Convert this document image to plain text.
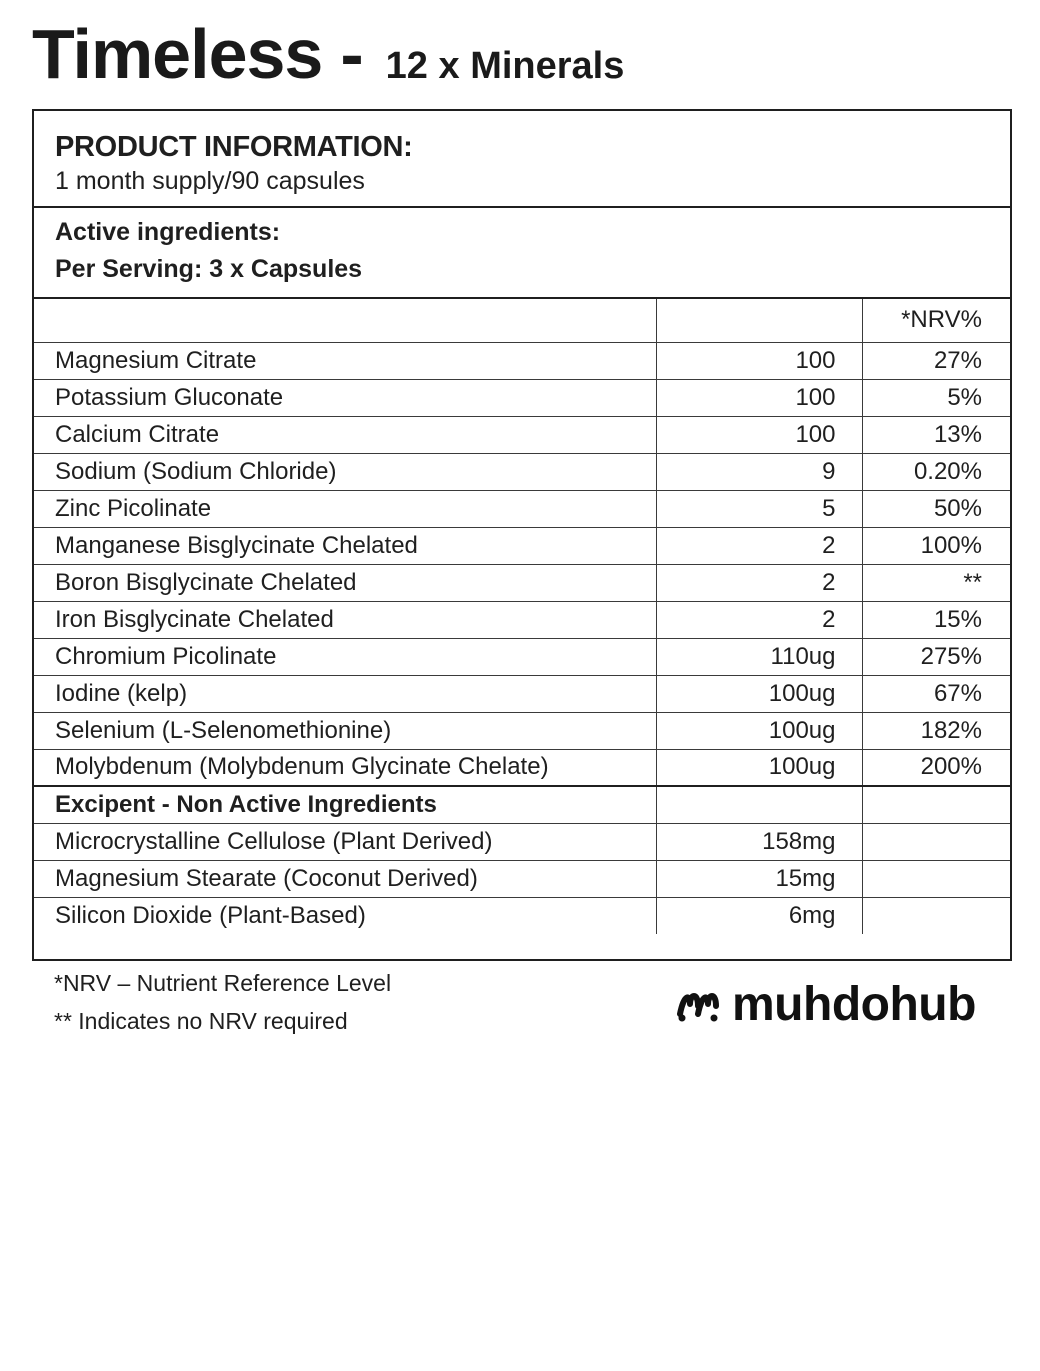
Timeless - 12 x Minerals
PRODUCT INFORMATION:
1 month supply/90 capsules
Active ingredients:
Per Serving: 3 x Capsules
		*NRV%
Magnesium Citrate	100	27%
Potassium Gluconate	100	5%
Calcium Citrate	100	13%
Sodium (Sodium Chloride)	9	0.20%
Zinc Picolinate	5	50%
Manganese Bisglycinate Chelated	2	100%
Boron Bisglycinate Chelated	2	**
Iron Bisglycinate Chelated	2	15%
Chromium Picolinate	110ug	275%
Iodine (kelp)	100ug	67%
Selenium (L-Selenomethionine)	100ug	182%
Molybdenum (Molybdenum Glycinate Chelate)	100ug	200%
Excipent - Non Active Ingredients		
Microcrystalline Cellulose (Plant Derived)	158mg	
Magnesium Stearate (Coconut Derived)	15mg	
Silicon Dioxide (Plant-Based)	6mg	
*NRV – Nutrient Reference Level
** Indicates no NRV required	muhdohub
